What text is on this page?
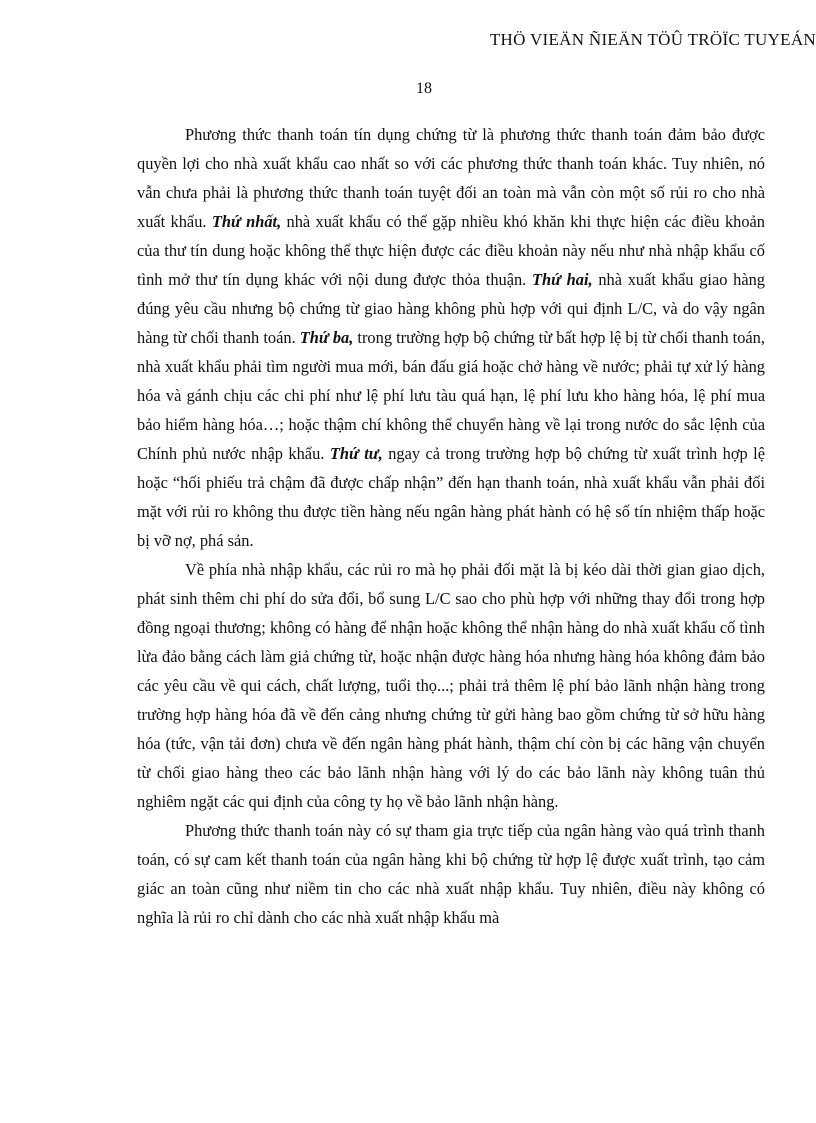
THÖ VIEÄN ÑIEÄN TÖÛ TRÖÏC TUYEÁN
18

Phương thức thanh toán tín dụng chứng từ là phương thức thanh toán đảm bảo được quyền lợi cho nhà xuất khẩu cao nhất so với các phương thức thanh toán khác. Tuy nhiên, nó vẫn chưa phải là phương thức thanh toán tuyệt đối an toàn mà vẫn còn một số rủi ro cho nhà xuất khẩu. Thứ nhất, nhà xuất khẩu có thể gặp nhiều khó khăn khi thực hiện các điều khoản của thư tín dung hoặc không thể thực hiện được các điều khoản này nếu như nhà nhập khẩu cố tình mở thư tín dụng khác với nội dung được thỏa thuận. Thứ hai, nhà xuất khẩu giao hàng đúng yêu cầu nhưng bộ chứng từ giao hàng không phù hợp với qui định L/C, và do vậy ngân hàng từ chối thanh toán. Thứ ba, trong trường hợp bộ chứng từ bất hợp lệ bị từ chối thanh toán, nhà xuất khẩu phải tìm người mua mới, bán đấu giá hoặc chở hàng về nước; phải tự xử lý hàng hóa và gánh chịu các chi phí như lệ phí lưu tàu quá hạn, lệ phí lưu kho hàng hóa, lệ phí mua bảo hiểm hàng hóa…; hoặc thậm chí không thể chuyển hàng về lại trong nước do sắc lệnh của Chính phủ nước nhập khẩu. Thứ tư, ngay cả trong trường hợp bộ chứng từ xuất trình hợp lệ hoặc “hối phiếu trả chậm đã được chấp nhận” đến hạn thanh toán, nhà xuất khẩu vẫn phải đối mặt với rủi ro không thu được tiền hàng nếu ngân hàng phát hành có hệ số tín nhiệm thấp hoặc bị vỡ nợ, phá sản.

Về phía nhà nhập khẩu, các rủi ro mà họ phải đối mặt là bị kéo dài thời gian giao dịch, phát sinh thêm chi phí do sửa đổi, bổ sung L/C sao cho phù hợp với những thay đổi trong hợp đồng ngoại thương; không có hàng để nhận hoặc không thể nhận hàng do nhà xuất khẩu cố tình lừa đảo bằng cách làm giả chứng từ, hoặc nhận được hàng hóa nhưng hàng hóa không đảm bảo các yêu cầu về qui cách, chất lượng, tuổi thọ...; phải trả thêm lệ phí bảo lãnh nhận hàng trong trường hợp hàng hóa đã về đến cảng nhưng chứng từ gửi hàng bao gồm chứng từ sở hữu hàng hóa (tức, vận tải đơn) chưa về đến ngân hàng phát hành, thậm chí còn bị các hãng vận chuyển từ chối giao hàng theo các bảo lãnh nhận hàng với lý do các bảo lãnh này không tuân thủ nghiêm ngặt các qui định của công ty họ về bảo lãnh nhận hàng.

Phương thức thanh toán này có sự tham gia trực tiếp của ngân hàng vào quá trình thanh toán, có sự cam kết thanh toán của ngân hàng khi bộ chứng từ hợp lệ được xuất trình, tạo cảm giác an toàn cũng như niềm tin cho các nhà xuất nhập khẩu. Tuy nhiên, điều này không có nghĩa là rủi ro chỉ dành cho các nhà xuất nhập khẩu mà
